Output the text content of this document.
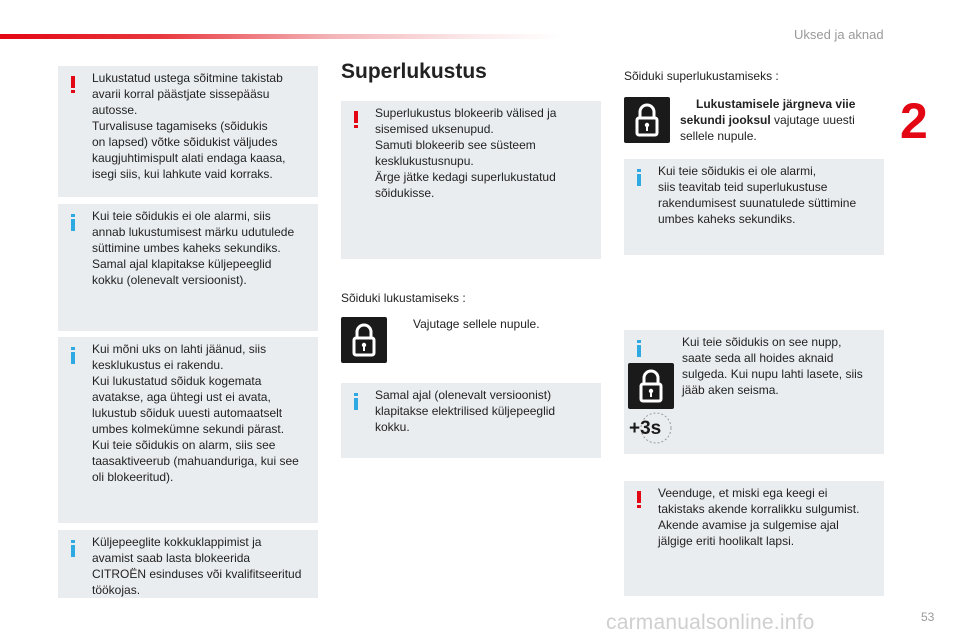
Uksed ja aknad
2
Lukustatud ustega sõitmine takistab
avarii korral päästjate sissepääsu
autosse.
Turvalisuse tagamiseks (sõidukis
on lapsed) võtke sõidukist väljudes
kaugjuhtimispult alati endaga kaasa,
isegi siis, kui lahkute vaid korraks.
Kui teie sõidukis ei ole alarmi, siis
annab lukustumisest märku udutulede
süttimine umbes kaheks sekundiks.
Samal ajal klapitakse küljepeeglid
kokku (olenevalt versioonist).
Kui mõni uks on lahti jäänud, siis
kesklukustus ei rakendu.
Kui lukustatud sõiduk kogemata
avatakse, aga ühtegi ust ei avata,
lukustub sõiduk uuesti automaatselt
umbes kolmekümne sekundi pärast.
Kui teie sõidukis on alarm, siis see
taasaktiveerub (mahuanduriga, kui see
oli blokeeritud).
Küljepeeglite kokkuklappimist ja
avamist saab lasta blokeerida
CITROËN esinduses või kvalifitseeritud
töökojas.
Superlukustus
Superlukustus blokeerib välised ja
sisemised uksenupud.
Samuti blokeerib see süsteem
kesklukustusnupu.
Ärge jätke kedagi superlukustatud
sõidukisse.
Sõiduki lukustamiseks :
Vajutage sellele nupule.
Samal ajal (olenevalt versioonist)
klapitakse elektrilised küljepeeglid
kokku.
Sõiduki superlukustamiseks :
Lukustamisele järgneva viie
sekundi jooksul vajutage uuesti
sellele nupule.
Kui teie sõidukis ei ole alarmi,
siis teavitab teid superlukustuse
rakendumisest suunatulede süttimine
umbes kaheks sekundiks.
+3s
Kui teie sõidukis on see nupp,
saate seda all hoides aknaid
sulgeda. Kui nupu lahti lasete, siis
jääb aken seisma.
Veenduge, et miski ega keegi ei
takistaks akende korralikku sulgumist.
Akende avamise ja sulgemise ajal
jälgige eriti hoolikalt lapsi.
carmanualsonline.info	53
